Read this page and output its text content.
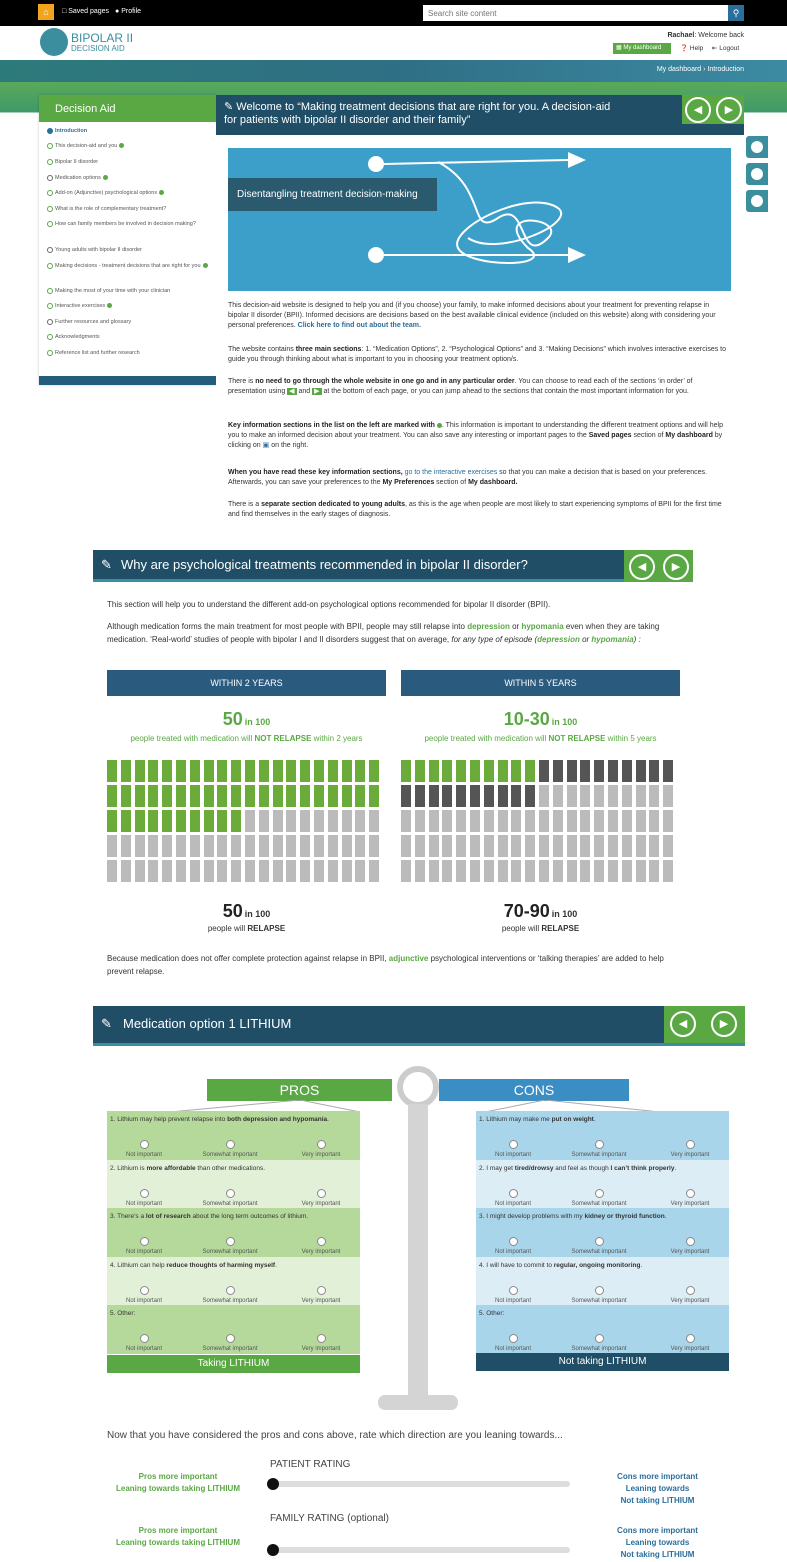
⌂	□ Saved pages ● Profile
Search site content	⚲
BIPOLAR II
DECISION AID
Rachael: Welcome back
▦ My dashboard	❓ Help ⇤ Logout
My dashboard › Introduction
Decision Aid
Introduction
This decision-aid and you
Bipolar II disorder
Medication options
Add-on (Adjunctive) psychological options
What is the role of complementary treatment?
How can family members be involved in decision making?
Young adults with bipolar II disorder
Making decisions - treatment decisions that are right for you
Making the most of your time with your clinician
Interactive exercises
Further resources and glossary
Acknowledgments
Reference list and further research
✎ Welcome to “Making treatment decisions that are right for you. A decision-aid for patients with bipolar II disorder and their family”
◀	▶
Disentangling treatment decision-making
This decision-aid website is designed to help you and (if you choose) your family, to make informed decisions about your treatment for preventing relapse in bipolar II disorder (BPII). Informed decisions are decisions based on the best available clinical evidence (included on this website) along with considering your personal preferences. Click here to find out about the team.
The website contains three main sections: 1. “Medication Options”, 2. “Psychological Options” and 3. “Making Decisions” which involves interactive exercises to guide you through thinking about what is important to you in choosing your treatment option/s.
There is no need to go through the whole website in one go and in any particular order. You can choose to read each of the sections ‘in order’ of presentation using ◀ and ▶ at the bottom of each page, or you can jump ahead to the sections that contain the most important information for you.
Key information sections in the list on the left are marked with . This information is important to understanding the different treatment options and will help you to make an informed decision about your treatment. You can also save any interesting or important pages to the Saved pages section of My dashboard by clicking on ▣ on the right.
When you have read these key information sections, go to the interactive exercises so that you can make a decision that is based on your preferences. Afterwards, you can save your preferences to the My Preferences section of My dashboard.
There is a separate section dedicated to young adults, as this is the age when people are most likely to start experiencing symptoms of BPII for the first time and find themselves in the early stages of diagnosis.
✎ Why are psychological treatments recommended in bipolar II disorder?	◀	▶
This section will help you to understand the different add-on psychological options recommended for bipolar II disorder (BPII).
Although medication forms the main treatment for most people with BPII, people may still relapse into depression or hypomania even when they are taking medication. ‘Real-world’ studies of people with bipolar I and II disorders suggest that on average, for any type of episode (depression or hypomania) :
WITHIN 2 YEARS	WITHIN 5 YEARS
50 in 100
people treated with medication will NOT RELAPSE within 2 years
10-30 in 100
people treated with medication will NOT RELAPSE within 5 years
50 in 100
people will RELAPSE
70-90 in 100
people will RELAPSE
Because medication does not offer complete protection against relapse in BPII, adjunctive psychological interventions or ‘talking therapies’ are added to help prevent relapse.
✎ Medication option 1 LITHIUM	◀	▶
PROS	CONS
1. Lithium may help prevent relapse into both depression and hypomania.
Not important	Somewhat important	Very important
2. Lithium is more affordable than other medications.
Not important	Somewhat important	Very important
3. There’s a lot of research about the long term outcomes of lithium.
Not important	Somewhat important	Very important
4. Lithium can help reduce thoughts of harming myself.
Not important	Somewhat important	Very important
5. Other:
Not important	Somewhat important	Very important
1. Lithium may make me put on weight.
Not important	Somewhat important	Very important
2. I may get tired/drowsy and feel as though I can’t think properly.
Not important	Somewhat important	Very important
3. I might develop problems with my kidney or thyroid function.
Not important	Somewhat important	Very important
4. I will have to commit to regular, ongoing monitoring.
Not important	Somewhat important	Very important
5. Other:
Not important	Somewhat important	Very important
Taking LITHIUM	Not taking LITHIUM
Now that you have considered the pros and cons above, rate which direction are you leaning towards...
PATIENT RATING
Pros more important
Leaning towards taking LITHIUM
Cons more important
Leaning towards
Not taking LITHIUM
FAMILY RATING (optional)
Pros more important
Leaning towards taking LITHIUM
Cons more important
Leaning towards
Not taking LITHIUM
